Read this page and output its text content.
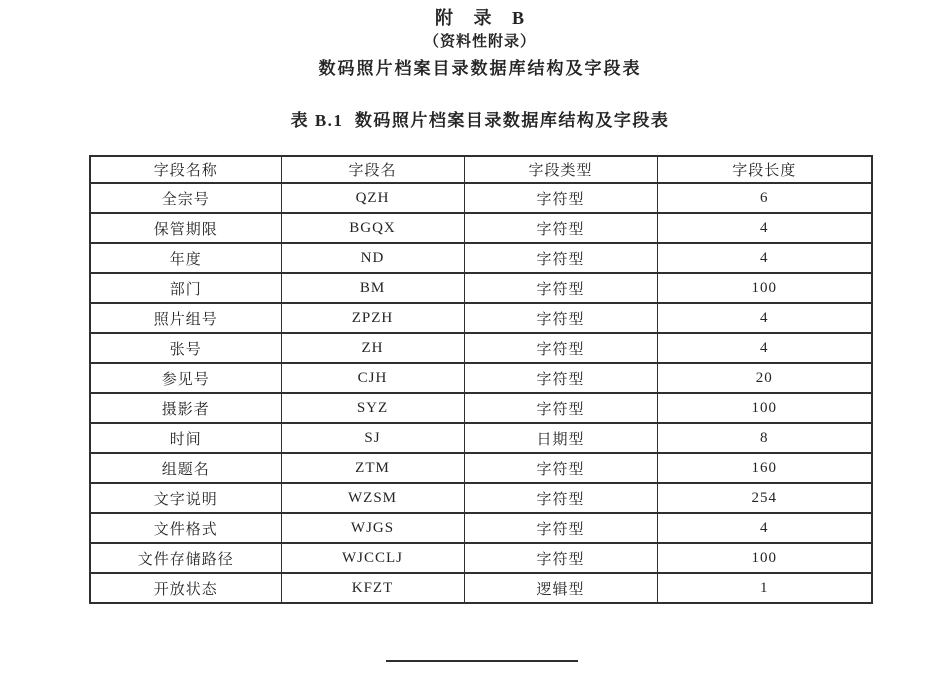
附 录 B
（资料性附录）
数码照片档案目录数据库结构及字段表
表 B.1  数码照片档案目录数据库结构及字段表
字段名称	字段名	字段类型	字段长度
全宗号	QZH	字符型	6
保管期限	BGQX	字符型	4
年度	ND	字符型	4
部门	BM	字符型	100
照片组号	ZPZH	字符型	4
张号	ZH	字符型	4
参见号	CJH	字符型	20
摄影者	SYZ	字符型	100
时间	SJ	日期型	8
组题名	ZTM	字符型	160
文字说明	WZSM	字符型	254
文件格式	WJGS	字符型	4
文件存储路径	WJCCLJ	字符型	100
开放状态	KFZT	逻辑型	1
